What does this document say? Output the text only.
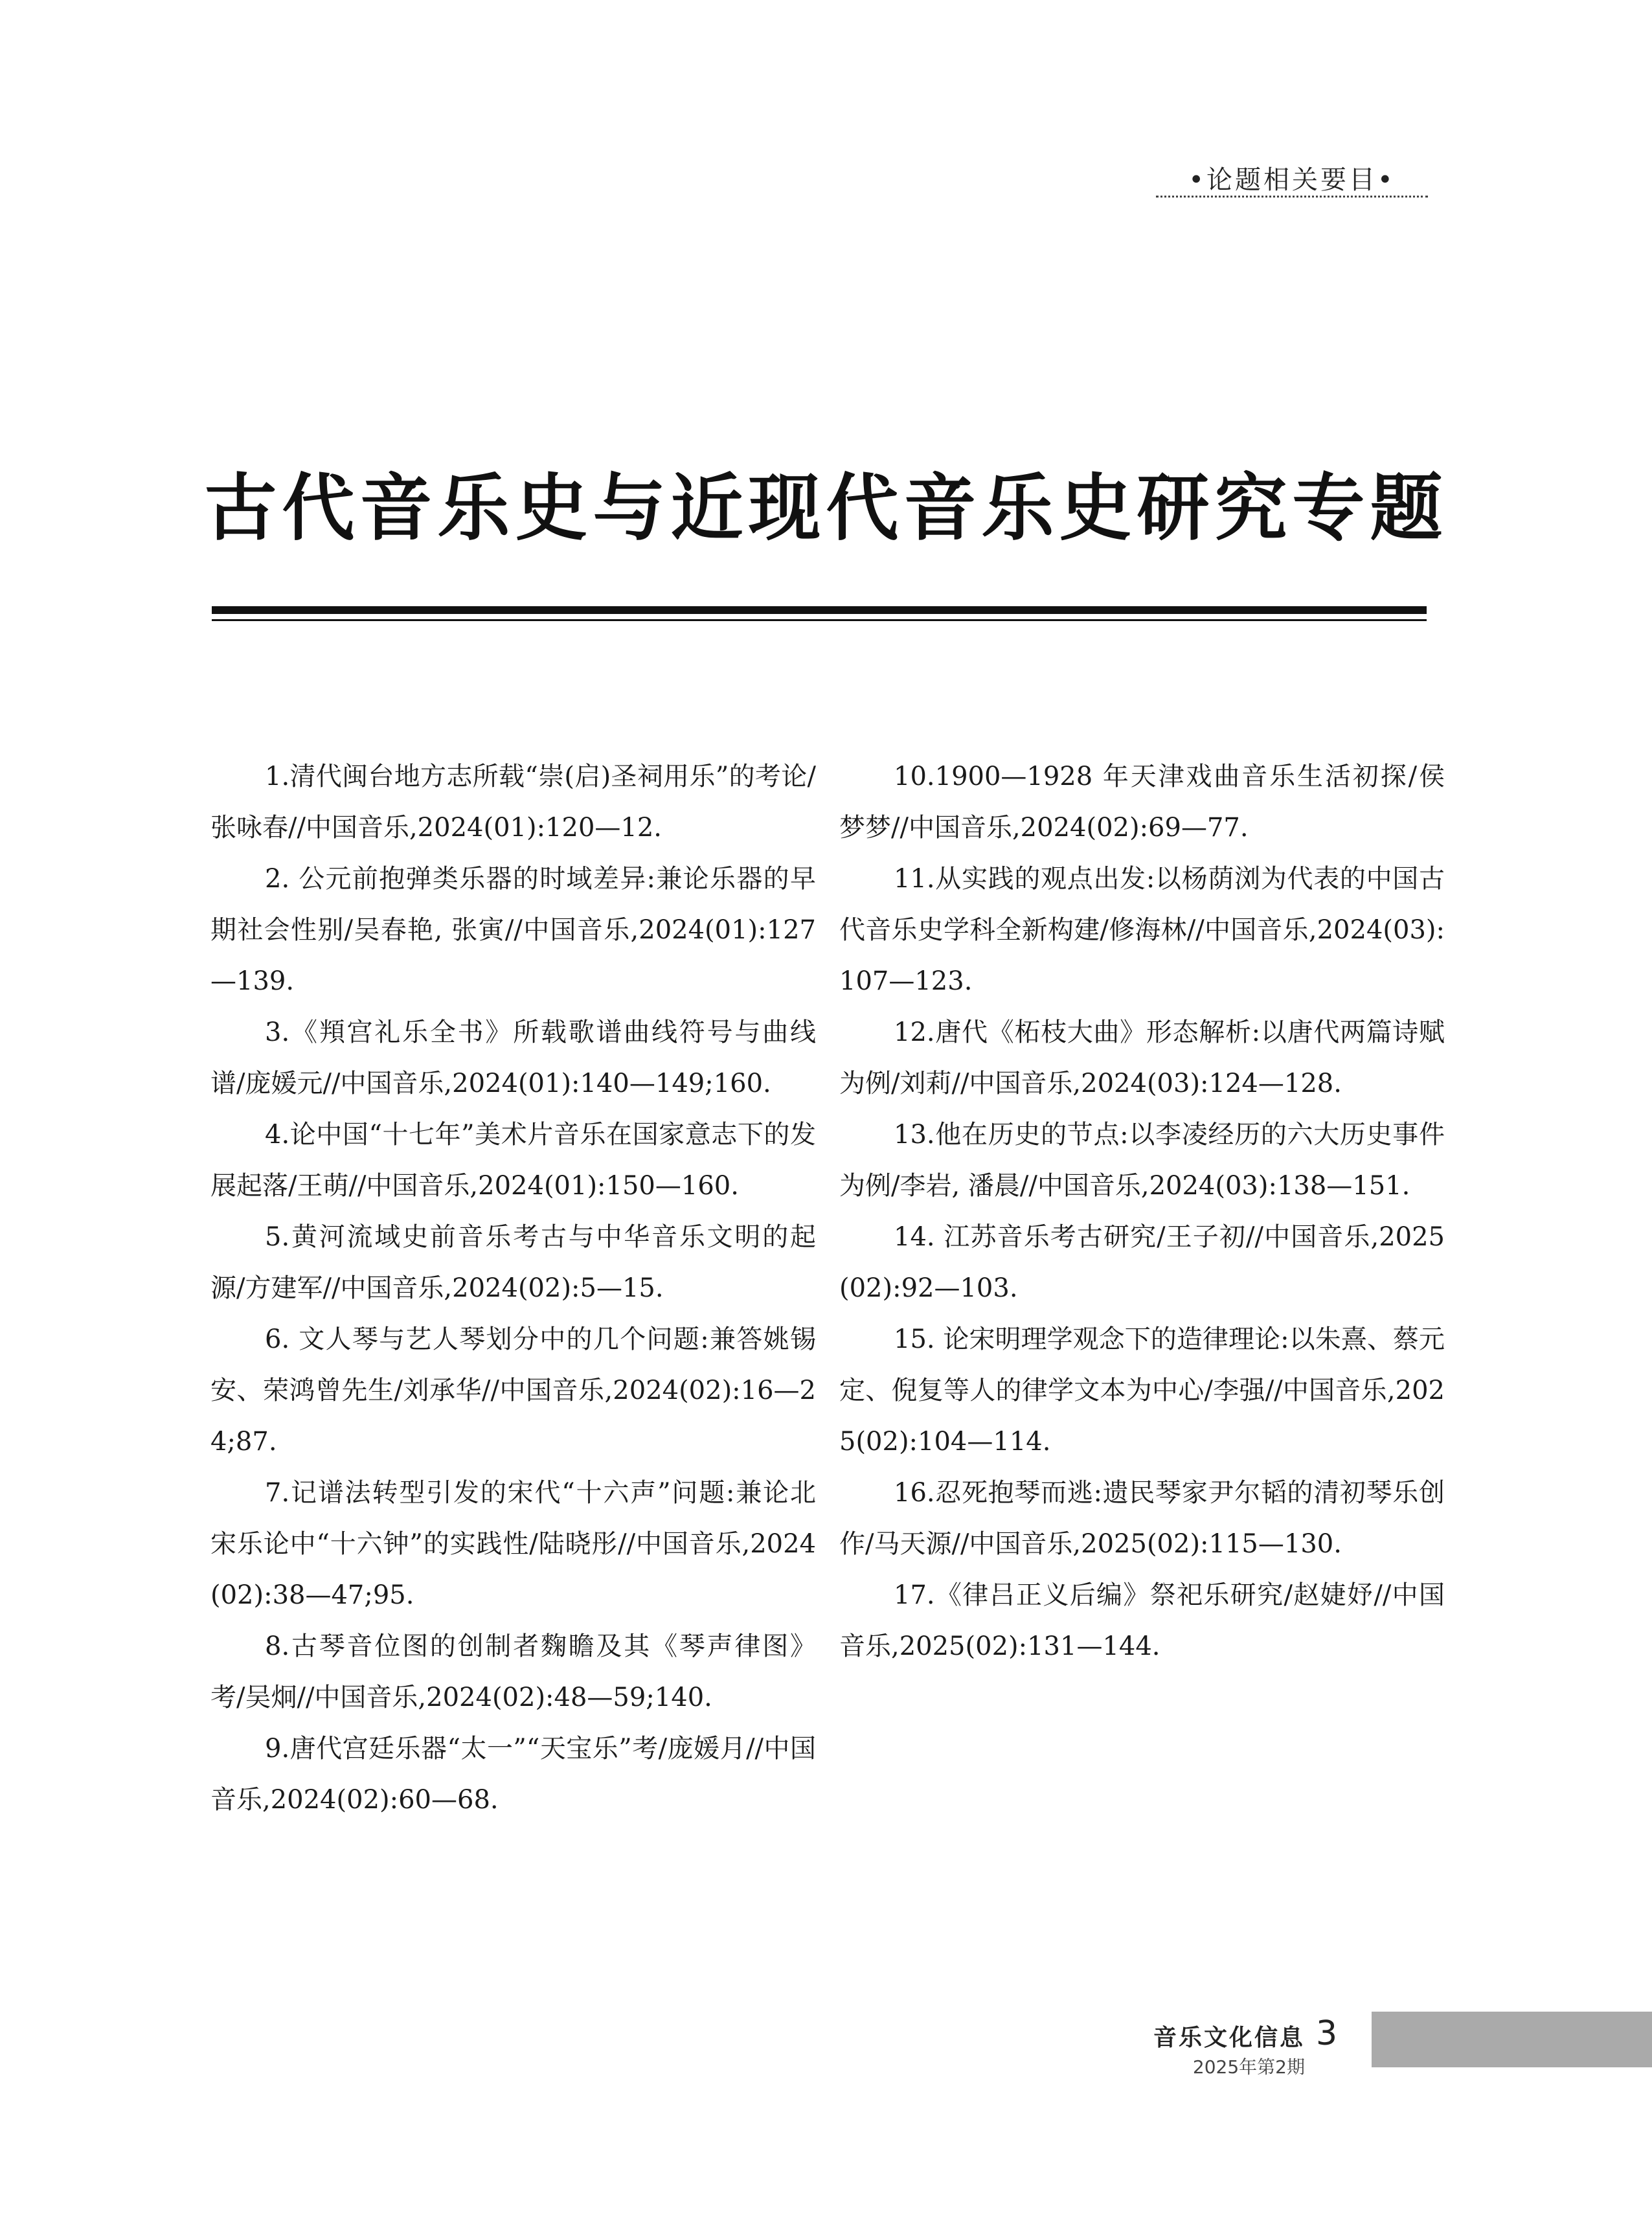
•论题相关要目•
古代音乐史与近现代音乐史研究专题

1.清代闽台地方志所载“崇(启)圣祠用乐”的考论/张咏春//中国音乐,2024(01):120—12.

2. 公元前抱弹类乐器的时域差异:兼论乐器的早期社会性别/吴春艳, 张寅//中国音乐,2024(01):127—139.

3.《頖宫礼乐全书》所载歌谱曲线符号与曲线谱/庞媛元//中国音乐,2024(01):140—149;160.

4.论中国“十七年”美术片音乐在国家意志下的发展起落/王萌//中国音乐,2024(01):150—160.

5.黄河流域史前音乐考古与中华音乐文明的起源/方建军//中国音乐,2024(02):5—15.

6. 文人琴与艺人琴划分中的几个问题:兼答姚锡安、荣鸿曾先生/刘承华//中国音乐,2024(02):16—24;87.

7.记谱法转型引发的宋代“十六声”问题:兼论北宋乐论中“十六钟”的实践性/陆晓彤//中国音乐,2024(02):38—47;95.

8.古琴音位图的创制者麴瞻及其《琴声律图》考/吴炯//中国音乐,2024(02):48—59;140.

9.唐代宫廷乐器“太一”“天宝乐”考/庞媛月//中国音乐,2024(02):60—68.

10.1900—1928 年天津戏曲音乐生活初探/侯梦梦//中国音乐,2024(02):69—77.

11.从实践的观点出发:以杨荫浏为代表的中国古代音乐史学科全新构建/修海林//中国音乐,2024(03):107—123.

12.唐代《柘枝大曲》形态解析:以唐代两篇诗赋为例/刘莉//中国音乐,2024(03):124—128.

13.他在历史的节点:以李凌经历的六大历史事件为例/李岩, 潘晨//中国音乐,2024(03):138—151.

14. 江苏音乐考古研究/王子初//中国音乐,2025(02):92—103.

15. 论宋明理学观念下的造律理论:以朱熹、蔡元定、倪复等人的律学文本为中心/李强//中国音乐,2025(02):104—114.

16.忍死抱琴而逃:遗民琴家尹尔韬的清初琴乐创作/马天源//中国音乐,2025(02):115—130.

17.《律吕正义后编》祭祀乐研究/赵婕妤//中国音乐,2025(02):131—144.

音乐文化信息
2025年第2期
3
